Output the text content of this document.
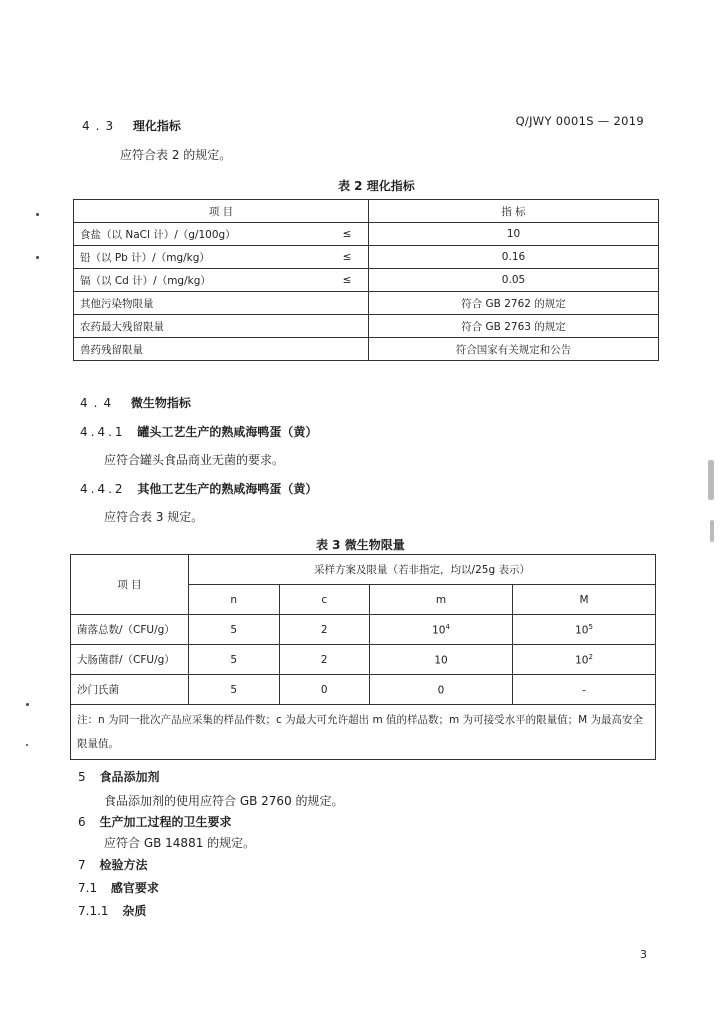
Q/JWY 0001S — 2019
4.3 理化指标
应符合表 2 的规定。
表 2 理化指标
项 目		指 标
食盐（以 NaCl 计）/（g/100g）	≤	10
铅（以 Pb 计）/（mg/kg）	≤	0.16
镉（以 Cd 计）/（mg/kg）	≤	0.05
其他污染物限量		符合 GB 2762 的规定
农药最大残留限量		符合 GB 2763 的规定
兽药残留限量		符合国家有关规定和公告
4.4 微生物指标
4.4.1 罐头工艺生产的熟咸海鸭蛋（黄）
应符合罐头食品商业无菌的要求。
4.4.2 其他工艺生产的熟咸海鸭蛋（黄）
应符合表 3 规定。
表 3 微生物限量
项 目	采样方案及限量（若非指定，均以/25g 表示）			
	n	c	m	M
菌落总数/（CFU/g）	5	2	$10^4$	$10^5$
大肠菌群/（CFU/g）	5	2	10	$10^2$
沙门氏菌	5	0	0	-
注：n 为同一批次产品应采集的样品件数；c 为最大可允许超出 m 值的样品数；m 为可接受水平的限量值；M 为最高安全限量值。				
5 食品添加剂
食品添加剂的使用应符合 GB 2760 的规定。
6 生产加工过程的卫生要求
应符合 GB 14881 的规定。
7 检验方法
7.1 感官要求
7.1.1 杂质
3
